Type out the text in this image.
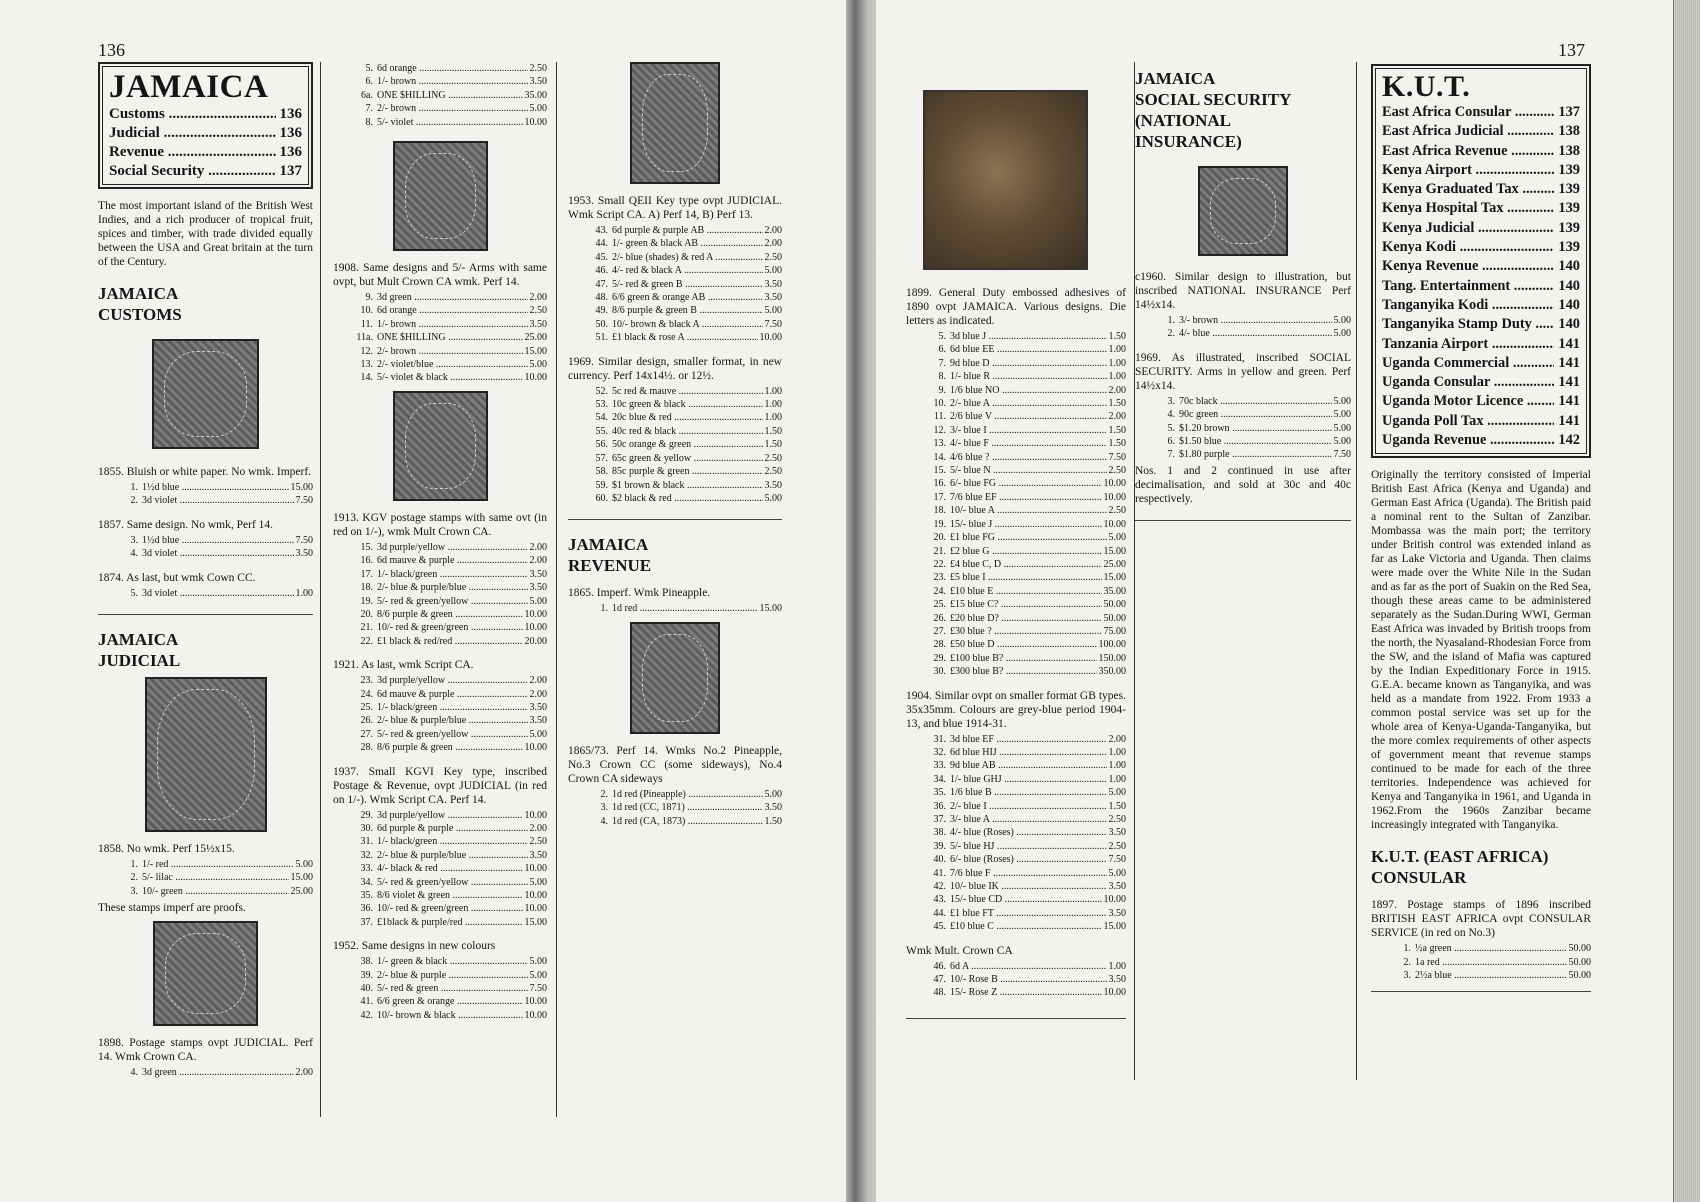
136
JAMAICA
Customs .....	136
Judicial .....	136
Revenue .....	136
Social Security .....	137
The most important island of the British West Indies, and a rich producer of tropical fruit, spices and timber, with trade divided equally between the USA and Great britain at the turn of the Century.
JAMAICA
CUSTOMS
1855. Bluish or white paper. No wmk. Imperf.
1. 1½d blue .....	15.00
2. 3d violet .....	7.50
1857. Same design. No wmk, Perf 14.
3. 1½d blue .....	7.50
4. 3d violet .....	3.50
1874. As last, but wmk Cown CC.
5. 3d violet .....	1.00
JAMAICA
JUDICIAL
1858. No wmk. Perf 15½x15.
1. 1/- red .....	5.00
2. 5/- lilac .....	15.00
3. 10/- green .....	25.00
These stamps imperf are proofs.
1898. Postage stamps ovpt JUDICIAL. Perf 14. Wmk Crown CA.
4. 3d green .....	2.00
5. 6d orange .....	2.50
6. 1/- brown .....	3.50
6a. ONE $HILLING .....	35.00
7. 2/- brown .....	5.00
8. 5/- violet .....	10.00
1908. Same designs and 5/- Arms with same ovpt, but Mult Crown CA wmk. Perf 14.
9. 3d green .....	2.00
10. 6d orange .....	2.50
11. 1/- brown .....	3.50
11a. ONE $HILLING .....	25.00
12. 2/- brown .....	15.00
13. 2/- violet/blue .....	5.00
14. 5/- violet & black .....	10.00
1913. KGV postage stamps with same ovt (in red on 1/-), wmk Mult Crown CA.
15. 3d purple/yellow .....	2.00
16. 6d mauve & purple .....	2.00
17. 1/- black/green .....	3.50
18. 2/- blue & purple/blue .....	3.50
19. 5/- red & green/yellow .....	5.00
20. 8/6 purple & green .....	10.00
21. 10/- red & green/green .....	10.00
22. £1 black & red/red .....	20.00
1921. As last, wmk Script CA.
23. 3d purple/yellow .....	2.00
24. 6d mauve & purple .....	2.00
25. 1/- black/green .....	3.50
26. 2/- blue & purple/blue .....	3.50
27. 5/- red & green/yellow .....	5.00
28. 8/6 purple & green .....	10.00
1937. Small KGVI Key type, inscribed Postage & Revenue, ovpt JUDICIAL (in red on 1/-). Wmk Script CA. Perf 14.
29. 3d purple/yellow .....	10.00
30. 6d purple & purple .....	2.00
31. 1/- black/green .....	2.50
32. 2/- blue & purple/blue .....	3.50
33. 4/- black & red .....	10.00
34. 5/- red & green/yellow .....	5.00
35. 8/6 violet & green .....	10.00
36. 10/- red & green/green .....	10.00
37. £1black & purple/red .....	15.00
1952. Same designs in new colours
38. 1/- green & black .....	5.00
39. 2/- blue & purple .....	5.00
40. 5/- red & green .....	7.50
41. 6/6 green & orange .....	10.00
42. 10/- brown & black .....	10.00
1953. Small QEII Key type ovpt JUDICIAL. Wmk Script CA. A) Perf 14, B) Perf 13.
43. 6d purple & purple AB .....	2.00
44. 1/- green & black AB .....	2.00
45. 2/- blue (shades) & red A .....	2.50
46. 4/- red & black A .....	5.00
47. 5/- red & green B .....	3.50
48. 6/6 green & orange AB .....	3.50
49. 8/6 purple & green B .....	5.00
50. 10/- brown & black A .....	7.50
51. £1 black & rose A .....	10.00
1969. Similar design, smaller format, in new currency. Perf 14x14½. or 12½.
52. 5c red & mauve .....	1.00
53. 10c green & black .....	1.00
54. 20c blue & red .....	1.00
55. 40c red & black .....	1.50
56. 50c orange & green .....	1.50
57. 65c green & yellow .....	2.50
58. 85c purple & green .....	2.50
59. $1 brown & black .....	3.50
60. $2 black & red .....	5.00
JAMAICA
REVENUE
1865. Imperf. Wmk Pineapple.
1. 1d red .....	15.00
1865/73. Perf 14. Wmks No.2 Pineapple, No.3 Crown CC (some sideways), No.4 Crown CA sideways
2. 1d red (Pineapple) .....	5.00
3. 1d red (CC, 1871) .....	3.50
4. 1d red (CA, 1873) .....	1.50
137
1899. General Duty embossed adhesives of 1890 ovpt JAMAICA. Various designs. Die letters as indicated.
5. 3d blue J .....	1.50
6. 6d blue EE .....	1.00
7. 9d blue D .....	1.00
8. 1/- blue R .....	1.00
9. 1/6 blue NO .....	2.00
10. 2/- blue A .....	1.50
11. 2/6 blue V .....	2.00
12. 3/- blue I .....	1.50
13. 4/- blue F .....	1.50
14. 4/6 blue ? .....	7.50
15. 5/- blue N .....	2.50
16. 6/- blue FG .....	10.00
17. 7/6 blue EF .....	10.00
18. 10/- blue A .....	2.50
19. 15/- blue J .....	10.00
20. £1 blue FG .....	5.00
21. £2 blue G .....	15.00
22. £4 blue C, D .....	25.00
23. £5 blue I .....	15.00
24. £10 blue E .....	35.00
25. £15 blue C? .....	50.00
26. £20 blue D? .....	50.00
27. £30 blue ? .....	75.00
28. £50 blue D .....	100.00
29. £100 blue B? .....	150.00
30. £300 blue B? .....	350.00
1904. Similar ovpt on smaller format GB types. 35x35mm. Colours are grey-blue period 1904-13, and blue 1914-31.
31. 3d blue EF .....	2.00
32. 6d blue HIJ .....	1.00
33. 9d blue AB .....	1.00
34. 1/- blue GHJ .....	1.00
35. 1/6 blue B .....	5.00
36. 2/- blue I .....	1.50
37. 3/- blue A .....	2.50
38. 4/- blue (Roses) .....	3.50
39. 5/- blue HJ .....	2.50
40. 6/- blue (Roses) .....	7.50
41. 7/6 blue F .....	5.00
42. 10/- blue IK .....	3.50
43. 15/- blue CD .....	10.00
44. £1 blue FT .....	3.50
45. £10 blue C .....	15.00
Wmk Mult. Crown CA
46. 6d A .....	1.00
47. 10/- Rose B .....	3.50
48. 15/- Rose Z .....	10.00
JAMAICA
SOCIAL SECURITY
(NATIONAL
INSURANCE)
c1960. Similar design to illustration, but inscribed NATIONAL INSURANCE Perf 14½x14.
1. 3/- brown .....	5.00
2. 4/- blue .....	5.00
1969. As illustrated, inscribed SOCIAL SECURITY. Arms in yellow and green. Perf 14½x14.
3. 70c black .....	5.00
4. 90c green .....	5.00
5. $1.20 brown .....	5.00
6. $1.50 blue .....	5.00
7. $1.80 purple .....	7.50
Nos. 1 and 2 continued in use after decimalisation, and sold at 30c and 40c respectively.
K.U.T.
East Africa Consular .....	137
East Africa Judicial .....	138
East Africa Revenue .....	138
Kenya Airport .....	139
Kenya Graduated Tax .....	139
Kenya Hospital Tax .....	139
Kenya Judicial .....	139
Kenya Kodi .....	139
Kenya Revenue .....	140
Tang. Entertainment .....	140
Tanganyika Kodi .....	140
Tanganyika Stamp Duty .....	140
Tanzania Airport .....	141
Uganda Commercial .....	141
Uganda Consular .....	141
Uganda Motor Licence .....	141
Uganda Poll Tax .....	141
Uganda Revenue .....	142
Originally the territory consisted of Imperial British East Africa (Kenya and Uganda) and German East Africa (Uganda). The British paid a nominal rent to the Sultan of Zanzibar. Mombassa was the main port; the territory under British control was extended inland as far as Lake Victoria and Uganda. Then claims were made over the White Nile in the Sudan and as far as the port of Suakin on the Red Sea, though these areas came to be administered separately as the Sudan.During WWI, German East Africa was invaded by British troops from the north, the Nyasaland-Rhodesian Force from the SW, and the island of Mafia was captured by the Indian Expeditionary Force in 1915. G.E.A. became known as Tanganyika, and was held as a mandate from 1922. From 1933 a common postal service was set up for the whole area of Kenya-Uganda-Tanganyika, but the more comlex requirements of other aspects of government meant that revenue stamps continued to be made for each of the three territories. Independence was achieved for Kenya and Tanganyika in 1961, and Uganda in 1962.From the 1960s Zanzibar became increasingly integrated with Tanganyika.
K.U.T. (EAST AFRICA)
CONSULAR
1897. Postage stamps of 1896 inscribed BRITISH EAST AFRICA ovpt CONSULAR SERVICE (in red on No.3)
1. ½a green .....	50.00
2. 1a red .....	50.00
3. 2½a blue .....	50.00
